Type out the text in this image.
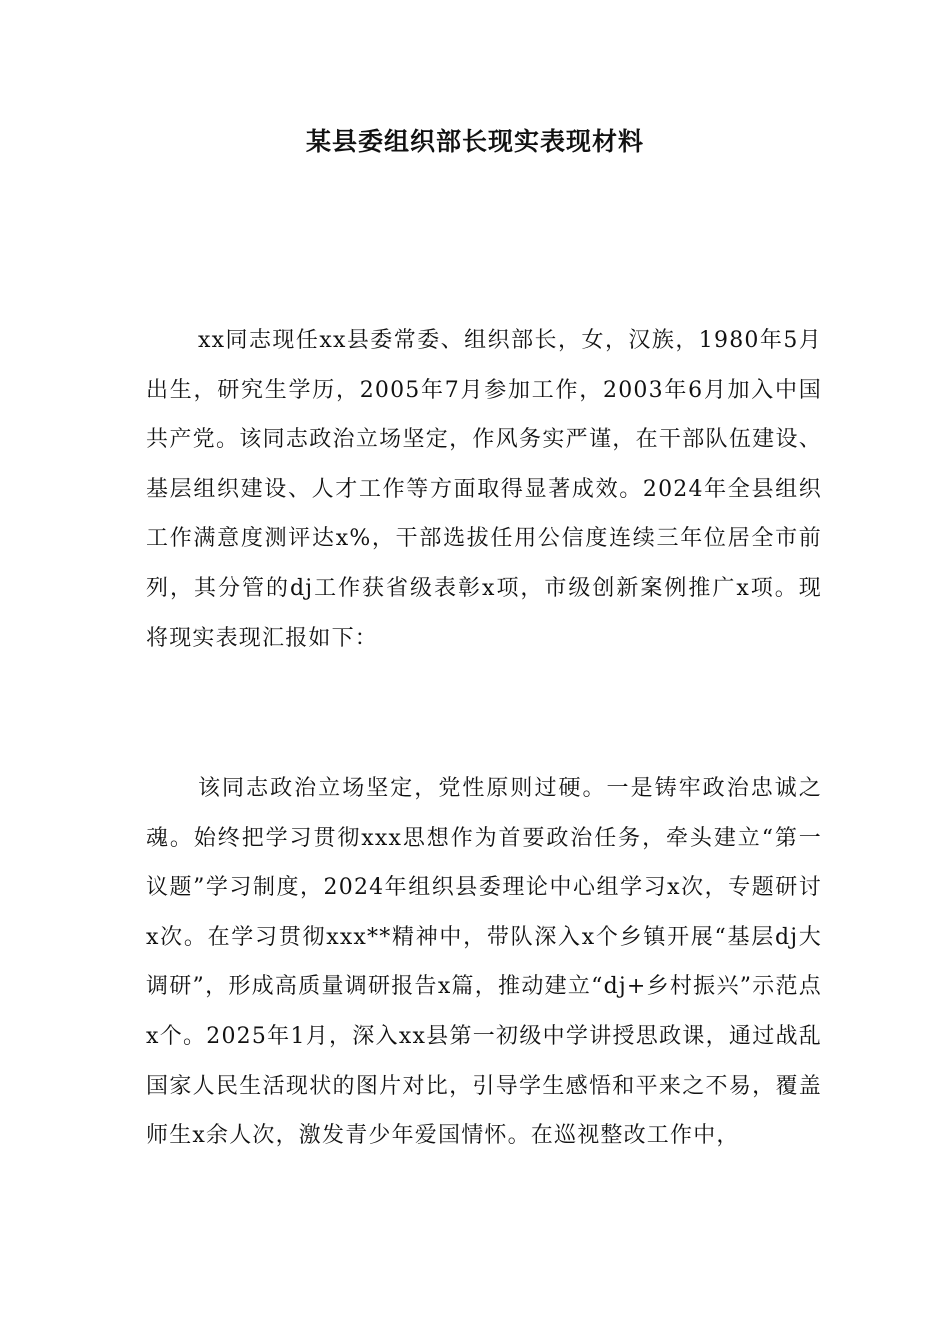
某县委组织部长现实表现材料

xx同志现任xx县委常委、组织部长，女，汉族，1980年5月出生，研究生学历，2005年7月参加工作，2003年6月加入中国共产党。该同志政治立场坚定，作风务实严谨，在干部队伍建设、基层组织建设、人才工作等方面取得显著成效。2024年全县组织工作满意度测评达x%，干部选拔任用公信度连续三年位居全市前列，其分管的dj工作获省级表彰x项，市级创新案例推广x项。现将现实表现汇报如下：

该同志政治立场坚定，党性原则过硬。一是铸牢政治忠诚之魂。始终把学习贯彻xxx思想作为首要政治任务，牵头建立“第一议题”学习制度，2024年组织县委理论中心组学习x次，专题研讨x次。在学习贯彻xxx**精神中，带队深入x个乡镇开展“基层dj大调研”，形成高质量调研报告x篇，推动建立“dj+乡村振兴”示范点x个。2025年1月，深入xx县第一初级中学讲授思政课，通过战乱国家人民生活现状的图片对比，引导学生感悟和平来之不易，覆盖师生x余人次，激发青少年爱国情怀。在巡视整改工作中，
